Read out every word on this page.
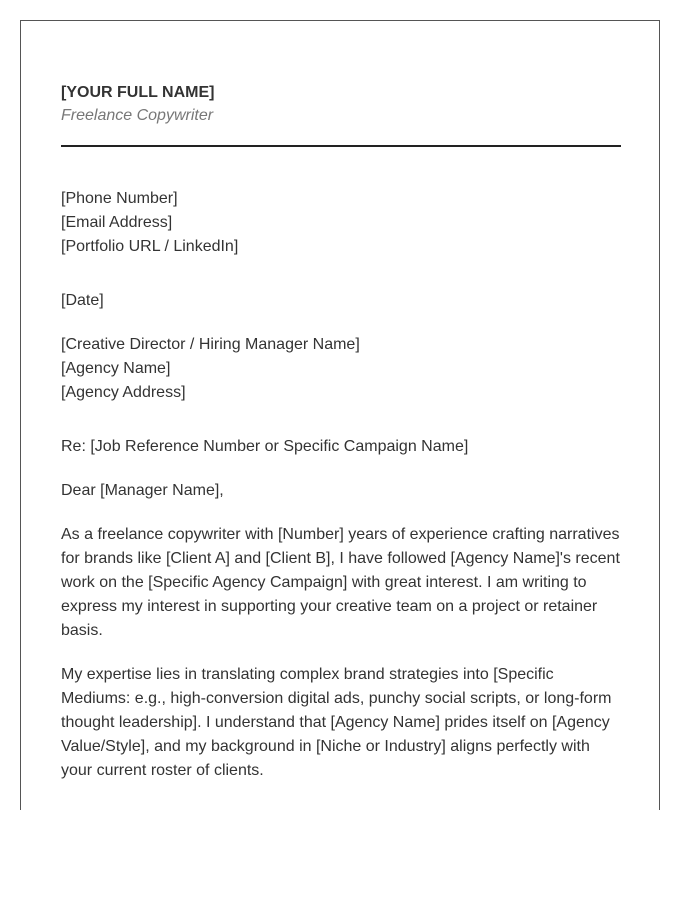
[YOUR FULL NAME]
Freelance Copywriter
[Phone Number]
[Email Address]
[Portfolio URL / LinkedIn]
[Date]
[Creative Director / Hiring Manager Name]
[Agency Name]
[Agency Address]
Re: [Job Reference Number or Specific Campaign Name]
Dear [Manager Name],
As a freelance copywriter with [Number] years of experience crafting narratives for brands like [Client A] and [Client B], I have followed [Agency Name]'s recent work on the [Specific Agency Campaign] with great interest. I am writing to express my interest in supporting your creative team on a project or retainer basis.
My expertise lies in translating complex brand strategies into [Specific Mediums: e.g., high-conversion digital ads, punchy social scripts, or long-form thought leadership]. I understand that [Agency Name] prides itself on [Agency Value/Style], and my background in [Niche or Industry] aligns perfectly with your current roster of clients.
